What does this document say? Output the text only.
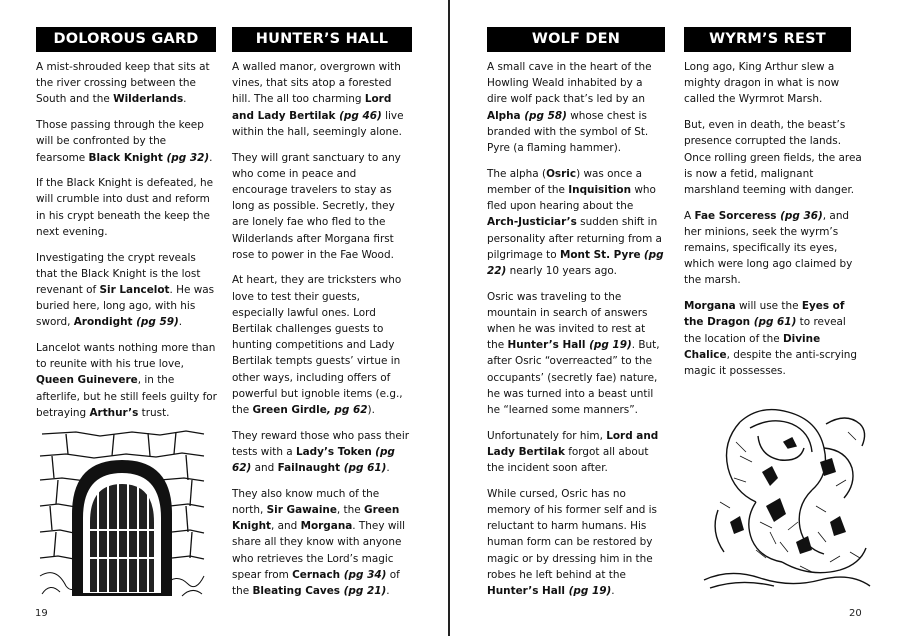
DOLOROUS GARD

A mist-shrouded keep that sits at the river crossing between the South and the Wilderlands.

Those passing through the keep will be confronted by the fearsome Black Knight (pg 32).

If the Black Knight is defeated, he will crumble into dust and reform in his crypt beneath the keep the next evening.

Investigating the crypt reveals that the Black Knight is the lost revenant of Sir Lancelot. He was buried here, long ago, with his sword, Arondight (pg 59).

Lancelot wants nothing more than to reunite with his true love, Queen Guinevere, in the afterlife, but he still feels guilty for betraying Arthur’s trust.

HUNTER’S HALL

A walled manor, overgrown with vines, that sits atop a forested hill. The all too charming Lord and Lady Bertilak (pg 46) live within the hall, seemingly alone.

They will grant sanctuary to any who come in peace and encourage travelers to stay as long as possible. Secretly, they are lonely fae who fled to the Wilderlands after Morgana first rose to power in the Fae Wood.

At heart, they are tricksters who love to test their guests, especially lawful ones. Lord Bertilak challenges guests to hunting competitions and Lady Bertilak tempts guests’ virtue in other ways, including offers of powerful but ignoble items (e.g., the Green Girdle, pg 62).

They reward those who pass their tests with a Lady’s Token (pg 62) and Failnaught (pg 61).

They also know much of the north, Sir Gawaine, the Green Knight, and Morgana. They will share all they know with anyone who retrieves the Lord’s magic spear from Cernach (pg 34) of the Bleating Caves (pg 21).

WOLF DEN

A small cave in the heart of the Howling Weald inhabited by a dire wolf pack that’s led by an Alpha (pg 58) whose chest is branded with the symbol of St. Pyre (a flaming hammer).

The alpha (Osric) was once a member of the Inquisition who fled upon hearing about the Arch-Justiciar’s sudden shift in personality after returning from a pilgrimage to Mont St. Pyre (pg 22) nearly 10 years ago.

Osric was traveling to the mountain in search of answers when he was invited to rest at the Hunter’s Hall (pg 19). But, after Osric “overreacted” to the occupants’ (secretly fae) nature, he was turned into a beast until he “learned some manners”.

Unfortunately for him, Lord and Lady Bertilak forgot all about the incident soon after.

While cursed, Osric has no memory of his former self and is reluctant to harm humans. His human form can be restored by magic or by dressing him in the robes he left behind at the Hunter’s Hall (pg 19).

WYRM’S REST

Long ago, King Arthur slew a mighty dragon in what is now called the Wyrmrot Marsh.

But, even in death, the beast’s presence corrupted the lands. Once rolling green fields, the area is now a fetid, malignant marshland teeming with danger.

A Fae Sorceress (pg 36), and her minions, seek the wyrm’s remains, specifically its eyes, which were long ago claimed by the marsh.

Morgana will use the Eyes of the Dragon (pg 61) to reveal the location of the Divine Chalice, despite the anti-scrying magic it possesses.

19	20
